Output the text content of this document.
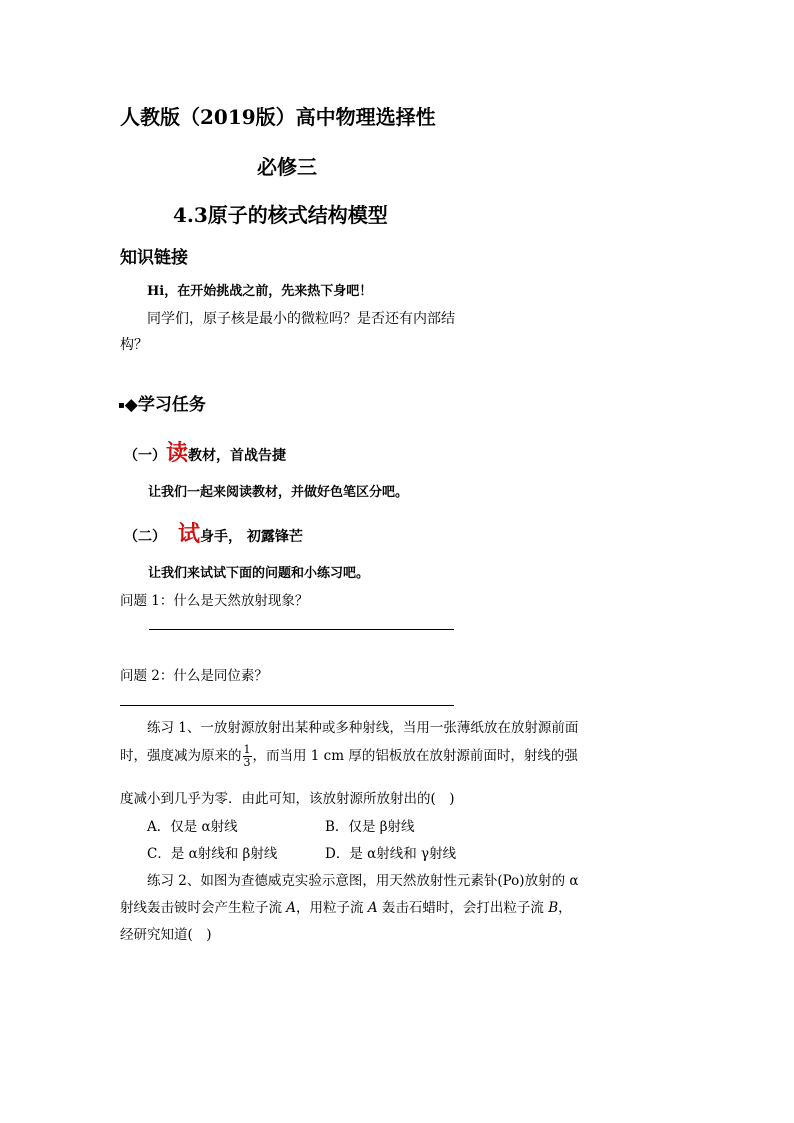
人教版（2019版）高中物理选择性
必修三
4.3原子的核式结构模型
知识链接
Hi，在开始挑战之前，先来热下身吧！
同学们，原子核是最小的微粒吗？是否还有内部结
构？
▪◆学习任务
（一）读教材，首战告捷
让我们一起来阅读教材，并做好色笔区分吧。
（二） 试身手， 初露锋芒
让我们来试试下面的问题和小练习吧。
问题 1：什么是天然放射现象？
问题 2：什么是同位素？
练习 1、一放射源放射出某种或多种射线，当用一张薄纸放在放射源前面
时，强度减为原来的 $\frac{1}{3}$ ，而当用 1 cm 厚的铝板放在放射源前面时，射线的强
度减小到几乎为零．由此可知，该放射源所放射出的(　)
A．仅是 α射线	B．仅是 β射线
C．是 α射线和 β射线	D．是 α射线和 γ射线
练习 2、如图为查德威克实验示意图，用天然放射性元素钋(Po)放射的 α
射线轰击铍时会产生粒子流 A，用粒子流 A 轰击石蜡时，会打出粒子流 B，
经研究知道(　)
